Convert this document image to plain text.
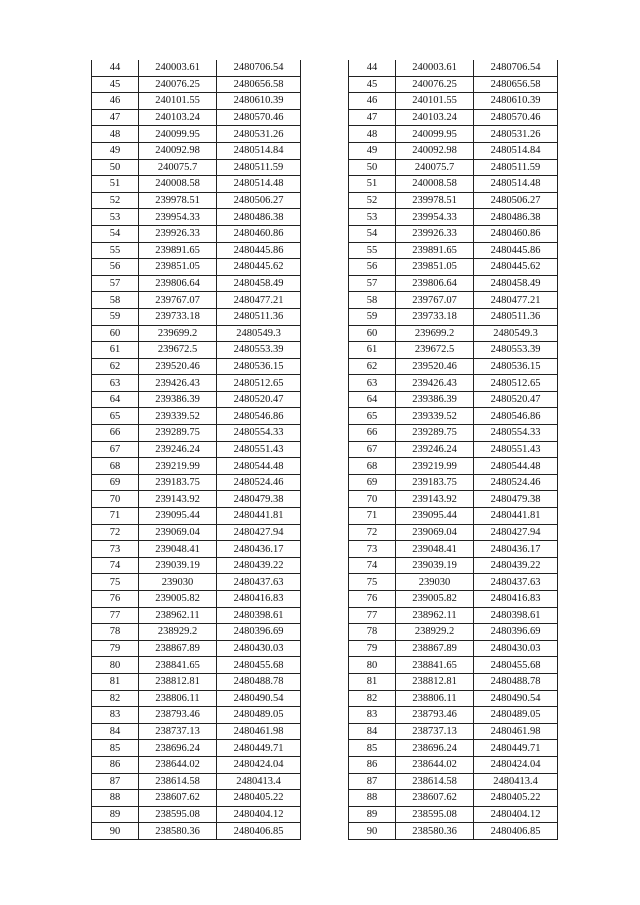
44	240003.61	2480706.54
45	240076.25	2480656.58
46	240101.55	2480610.39
47	240103.24	2480570.46
48	240099.95	2480531.26
49	240092.98	2480514.84
50	240075.7	2480511.59
51	240008.58	2480514.48
52	239978.51	2480506.27
53	239954.33	2480486.38
54	239926.33	2480460.86
55	239891.65	2480445.86
56	239851.05	2480445.62
57	239806.64	2480458.49
58	239767.07	2480477.21
59	239733.18	2480511.36
60	239699.2	2480549.3
61	239672.5	2480553.39
62	239520.46	2480536.15
63	239426.43	2480512.65
64	239386.39	2480520.47
65	239339.52	2480546.86
66	239289.75	2480554.33
67	239246.24	2480551.43
68	239219.99	2480544.48
69	239183.75	2480524.46
70	239143.92	2480479.38
71	239095.44	2480441.81
72	239069.04	2480427.94
73	239048.41	2480436.17
74	239039.19	2480439.22
75	239030	2480437.63
76	239005.82	2480416.83
77	238962.11	2480398.61
78	238929.2	2480396.69
79	238867.89	2480430.03
80	238841.65	2480455.68
81	238812.81	2480488.78
82	238806.11	2480490.54
83	238793.46	2480489.05
84	238737.13	2480461.98
85	238696.24	2480449.71
86	238644.02	2480424.04
87	238614.58	2480413.4
88	238607.62	2480405.22
89	238595.08	2480404.12
90	238580.36	2480406.85
44	240003.61	2480706.54
45	240076.25	2480656.58
46	240101.55	2480610.39
47	240103.24	2480570.46
48	240099.95	2480531.26
49	240092.98	2480514.84
50	240075.7	2480511.59
51	240008.58	2480514.48
52	239978.51	2480506.27
53	239954.33	2480486.38
54	239926.33	2480460.86
55	239891.65	2480445.86
56	239851.05	2480445.62
57	239806.64	2480458.49
58	239767.07	2480477.21
59	239733.18	2480511.36
60	239699.2	2480549.3
61	239672.5	2480553.39
62	239520.46	2480536.15
63	239426.43	2480512.65
64	239386.39	2480520.47
65	239339.52	2480546.86
66	239289.75	2480554.33
67	239246.24	2480551.43
68	239219.99	2480544.48
69	239183.75	2480524.46
70	239143.92	2480479.38
71	239095.44	2480441.81
72	239069.04	2480427.94
73	239048.41	2480436.17
74	239039.19	2480439.22
75	239030	2480437.63
76	239005.82	2480416.83
77	238962.11	2480398.61
78	238929.2	2480396.69
79	238867.89	2480430.03
80	238841.65	2480455.68
81	238812.81	2480488.78
82	238806.11	2480490.54
83	238793.46	2480489.05
84	238737.13	2480461.98
85	238696.24	2480449.71
86	238644.02	2480424.04
87	238614.58	2480413.4
88	238607.62	2480405.22
89	238595.08	2480404.12
90	238580.36	2480406.85
